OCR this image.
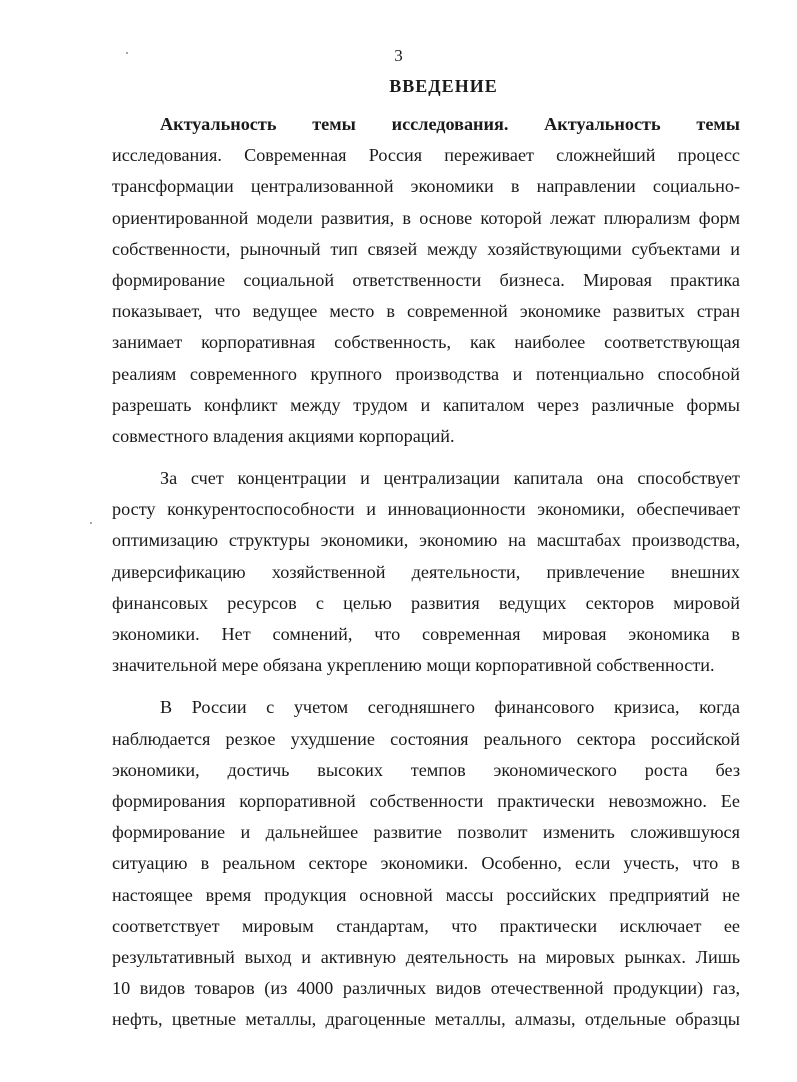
3
ВВЕДЕНИЕ
Актуальность темы исследования. Актуальность темы
исследования. Современная Россия переживает сложнейший процесс
трансформации централизованной экономики в направлении социально-
ориентированной модели развития, в основе которой лежат плюрализм форм
собственности, рыночный тип связей между хозяйствующими субъектами и
формирование социальной ответственности бизнеса. Мировая практика
показывает, что ведущее место в современной экономике развитых стран
занимает корпоративная собственность, как наиболее соответствующая
реалиям современного крупного производства и потенциально способной
разрешать конфликт между трудом и капиталом через различные формы
совместного владения акциями корпораций.
За счет концентрации и централизации капитала она способствует
росту конкурентоспособности и инновационности экономики, обеспечивает
оптимизацию структуры экономики, экономию на масштабах производства,
диверсификацию хозяйственной деятельности, привлечение внешних
финансовых ресурсов с целью развития ведущих секторов мировой
экономики. Нет сомнений, что современная мировая экономика в
значительной мере обязана укреплению мощи корпоративной собственности.
В России с учетом сегодняшнего финансового кризиса, когда
наблюдается резкое ухудшение состояния реального сектора российской
экономики, достичь высоких темпов экономического роста без
формирования корпоративной собственности практически невозможно. Ее
формирование и дальнейшее развитие позволит изменить сложившуюся
ситуацию в реальном секторе экономики. Особенно, если учесть, что в
настоящее время продукция основной массы российских предприятий не
соответствует мировым стандартам, что практически исключает ее
результативный выход и активную деятельность на мировых рынках. Лишь
10 видов товаров (из 4000 различных видов отечественной продукции) газ,
нефть, цветные металлы, драгоценные металлы, алмазы, отдельные образцы
